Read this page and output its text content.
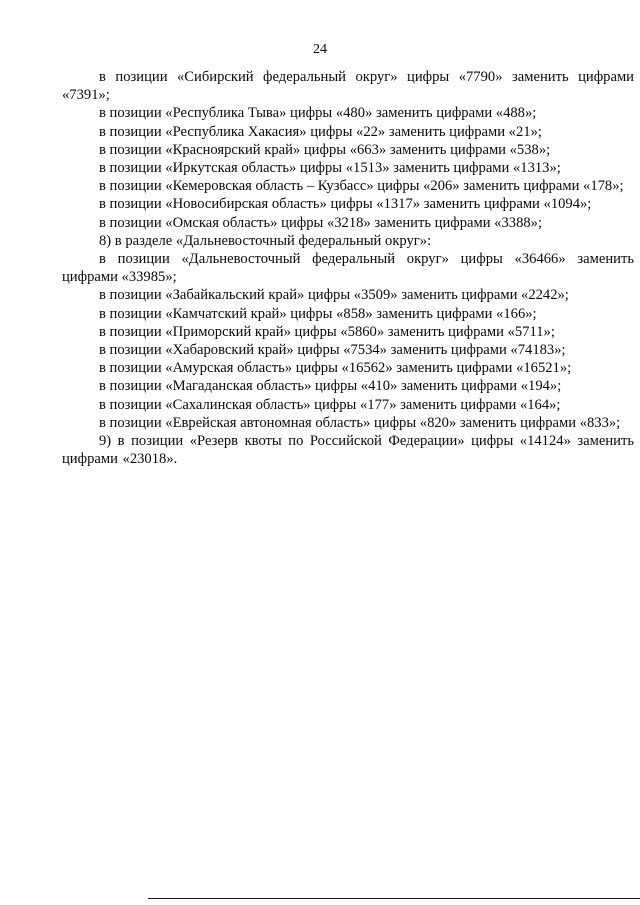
24

в позиции «Сибирский федеральный округ» цифры «7790» заменить цифрами «7391»;

в позиции «Республика Тыва» цифры «480» заменить цифрами «488»;

в позиции «Республика Хакасия» цифры «22» заменить цифрами «21»;

в позиции «Красноярский край» цифры «663» заменить цифрами «538»;

в позиции «Иркутская область» цифры «1513» заменить цифрами «1313»;

в позиции «Кемеровская область – Кузбасс» цифры «206» заменить цифрами «178»;

в позиции «Новосибирская область» цифры «1317» заменить цифрами «1094»;

в позиции «Омская область» цифры «3218» заменить цифрами «3388»;

8) в разделе «Дальневосточный федеральный округ»:

в позиции «Дальневосточный федеральный округ» цифры «36466» заменить цифрами «33985»;

в позиции «Забайкальский край» цифры «3509» заменить цифрами «2242»;

в позиции «Камчатский край» цифры «858» заменить цифрами «166»;

в позиции «Приморский край» цифры «5860» заменить цифрами «5711»;

в позиции «Хабаровский край» цифры «7534» заменить цифрами «74183»;

в позиции «Амурская область» цифры «16562» заменить цифрами «16521»;

в позиции «Магаданская область» цифры «410» заменить цифрами «194»;

в позиции «Сахалинская область» цифры «177» заменить цифрами «164»;

в позиции «Еврейская автономная область» цифры «820» заменить цифрами «833»;

9) в позиции «Резерв квоты по Российской Федерации» цифры «14124» заменить цифрами «23018».
